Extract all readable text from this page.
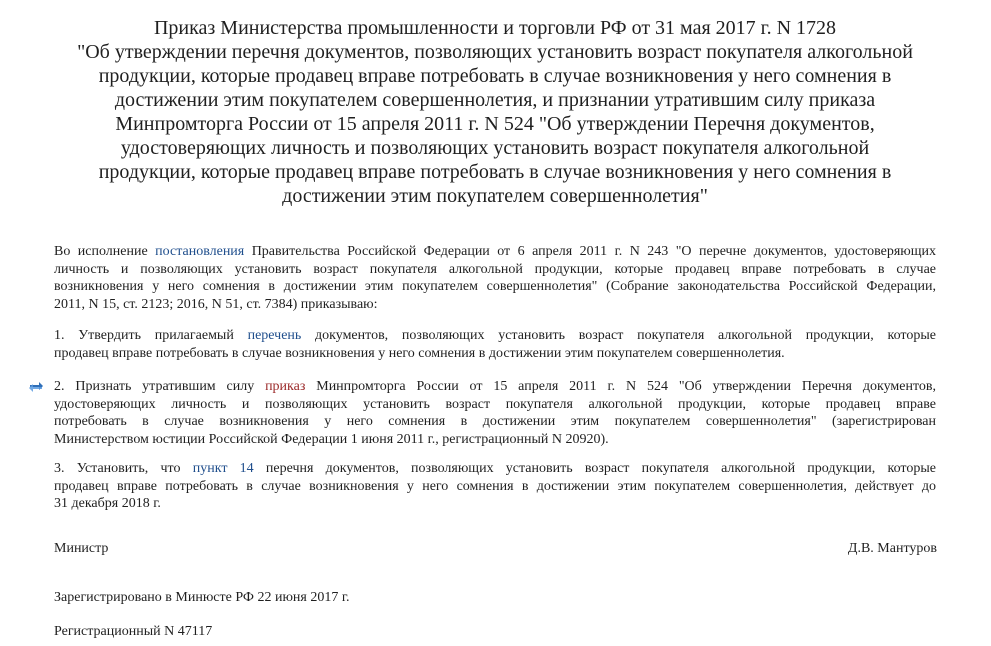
Приказ Министерства промышленности и торговли РФ от 31 мая 2017 г. N 1728
"Об утверждении перечня документов, позволяющих установить возраст покупателя алкогольной
продукции, которые продавец вправе потребовать в случае возникновения у него сомнения в
достижении этим покупателем совершеннолетия, и признании утратившим силу приказа
Минпромторга России от 15 апреля 2011 г. N 524 "Об утверждении Перечня документов,
удостоверяющих личность и позволяющих установить возраст покупателя алкогольной
продукции, которые продавец вправе потребовать в случае возникновения у него сомнения в
достижении этим покупателем совершеннолетия"
Во исполнение постановления Правительства Российской Федерации от 6 апреля 2011 г. N 243 "О перечне документов, удостоверяющих
личность и позволяющих установить возраст покупателя алкогольной продукции, которые продавец вправе потребовать в случае
возникновения у него сомнения в достижении этим покупателем совершеннолетия" (Собрание законодательства Российской Федерации,
2011, N 15, ст. 2123; 2016, N 51, ст. 7384) приказываю:
1. Утвердить прилагаемый перечень документов, позволяющих установить возраст покупателя алкогольной продукции, которые
продавец вправе потребовать в случае возникновения у него сомнения в достижении этим покупателем совершеннолетия.
2. Признать утратившим силу приказ Минпромторга России от 15 апреля 2011 г. N 524 "Об утверждении Перечня документов,
удостоверяющих личность и позволяющих установить возраст покупателя алкогольной продукции, которые продавец вправе
потребовать в случае возникновения у него сомнения в достижении этим покупателем совершеннолетия" (зарегистрирован
Министерством юстиции Российской Федерации 1 июня 2011 г., регистрационный N 20920).
3. Установить, что пункт 14 перечня документов, позволяющих установить возраст покупателя алкогольной продукции, которые
продавец вправе потребовать в случае возникновения у него сомнения в достижении этим покупателем совершеннолетия, действует до
31 декабря 2018 г.
Министр	Д.В. Мантуров
Зарегистрировано в Минюсте РФ 22 июня 2017 г.
Регистрационный N 47117
